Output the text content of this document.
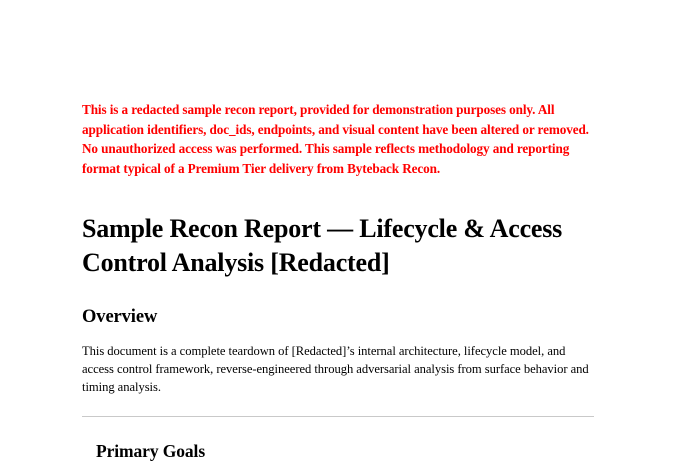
This is a redacted sample recon report, provided for demonstration purposes only. All application identifiers, doc_ids, endpoints, and visual content have been altered or removed. No unauthorized access was performed. This sample reflects methodology and reporting format typical of a Premium Tier delivery from Byteback Recon.

Sample Recon Report — Lifecycle & Access Control Analysis [Redacted]
Overview

This document is a complete teardown of [Redacted]’s internal architecture, lifecycle model, and access control framework, reverse-engineered through adversarial analysis from surface behavior and timing analysis.

Primary Goals
